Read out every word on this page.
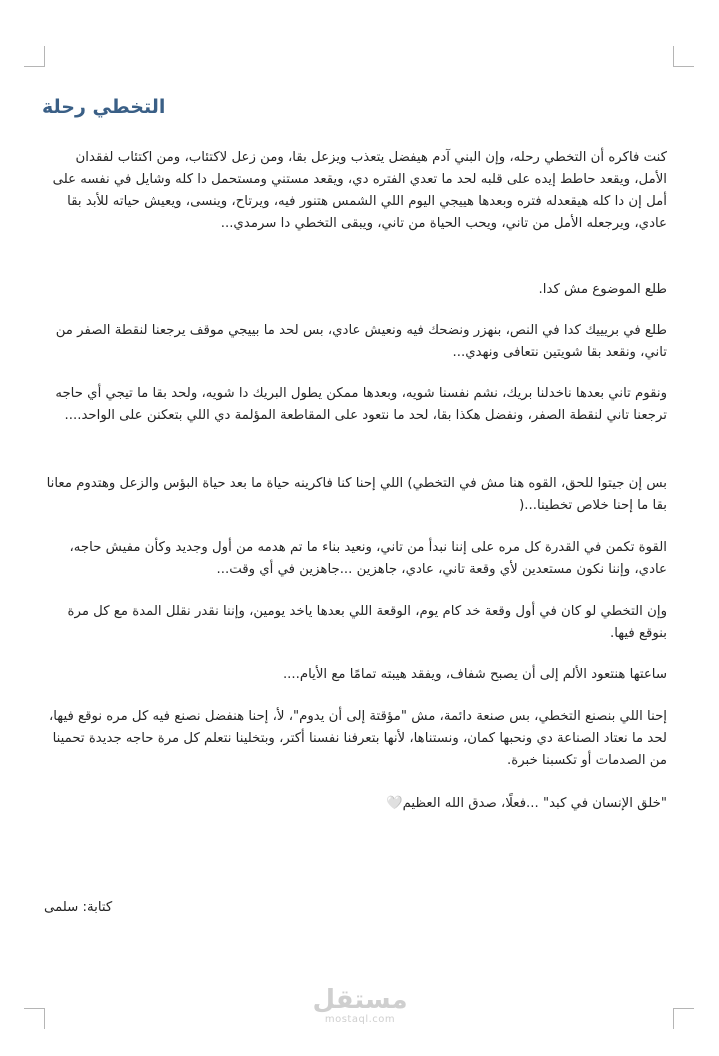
التخطي رحلة

كنت فاكره أن التخطي رحله، وإن البني آدم هيفضل يتعذب ويزعل بقا، ومن زعل لاكتئاب، ومن اكتئاب لفقدان الأمل، ويقعد حاطط إيده على قلبه لحد ما تعدي الفتره دي، ويقعد مستني ومستحمل دا كله وشايل في نفسه على أمل إن دا كله هيقعدله فتره وبعدها هييجي اليوم اللي الشمس هتنور فيه، ويرتاح، وينسى، ويعيش حياته للأبد بقا عادي، ويرجعله الأمل من تاني، ويحب الحياة من تاني، ويبقى التخطي دا سرمدي...

طلع الموضوع مش كدا.

طلع في بريييك كدا في النص، بنهزر ونضحك فيه ونعيش عادي، بس لحد ما بييجي موقف يرجعنا لنقطة الصفر من تاني، ونقعد بقا شويتين نتعافى ونهدي...

ونقوم تاني بعدها ناخدلنا بريك، نشم نفسنا شويه، وبعدها ممكن يطول البريك دا شويه، ولحد بقا ما تيجي أي حاجه ترجعنا تاني لنقطة الصفر، ونفضل هكذا بقا، لحد ما نتعود على المقاطعة المؤلمة دي اللي بتعكنن على الواحد....

بس إن جيتوا للحق، القوه هنا مش في التخطي) اللي إحنا كنا فاكرينه حياة ما بعد حياة البؤس والزعل وهتدوم معانا بقا ما إحنا خلاص تخطينا...(

القوة تكمن في القدرة كل مره على إننا نبدأ من تاني، ونعيد بناء ما تم هدمه من أول وجديد وكأن مفيش حاجه، عادي، وإننا نكون مستعدين لأي وقعة تاني، عادي، جاهزين ...جاهزين في أي وقت...

وإن التخطي لو كان في أول وقعة خد كام يوم، الوقعة اللي بعدها ياخد يومين، وإننا نقدر نقلل المدة مع كل مرة بنوقع فيها.

ساعتها هنتعود الألم إلى أن يصبح شفاف، ويفقد هيبته تمامًا مع الأيام....

إحنا اللي بنصنع التخطي، بس صنعة دائمة، مش "مؤقتة إلى أن يدوم"، لأ، إحنا هنفضل نصنع فيه كل مره نوقع فيها، لحد ما نعتاد الصناعة دي ونحبها كمان، ونستناها، لأنها بتعرفنا نفسنا أكتر، وبتخلينا نتعلم كل مرة حاجه جديدة تحمينا من الصدمات أو تكسبنا خبرة.

"خلق الإنسان في كبد" ...فعلًا، صدق الله العظيم🤍

كتابة: سلمى

مستقل
mostaql.com
